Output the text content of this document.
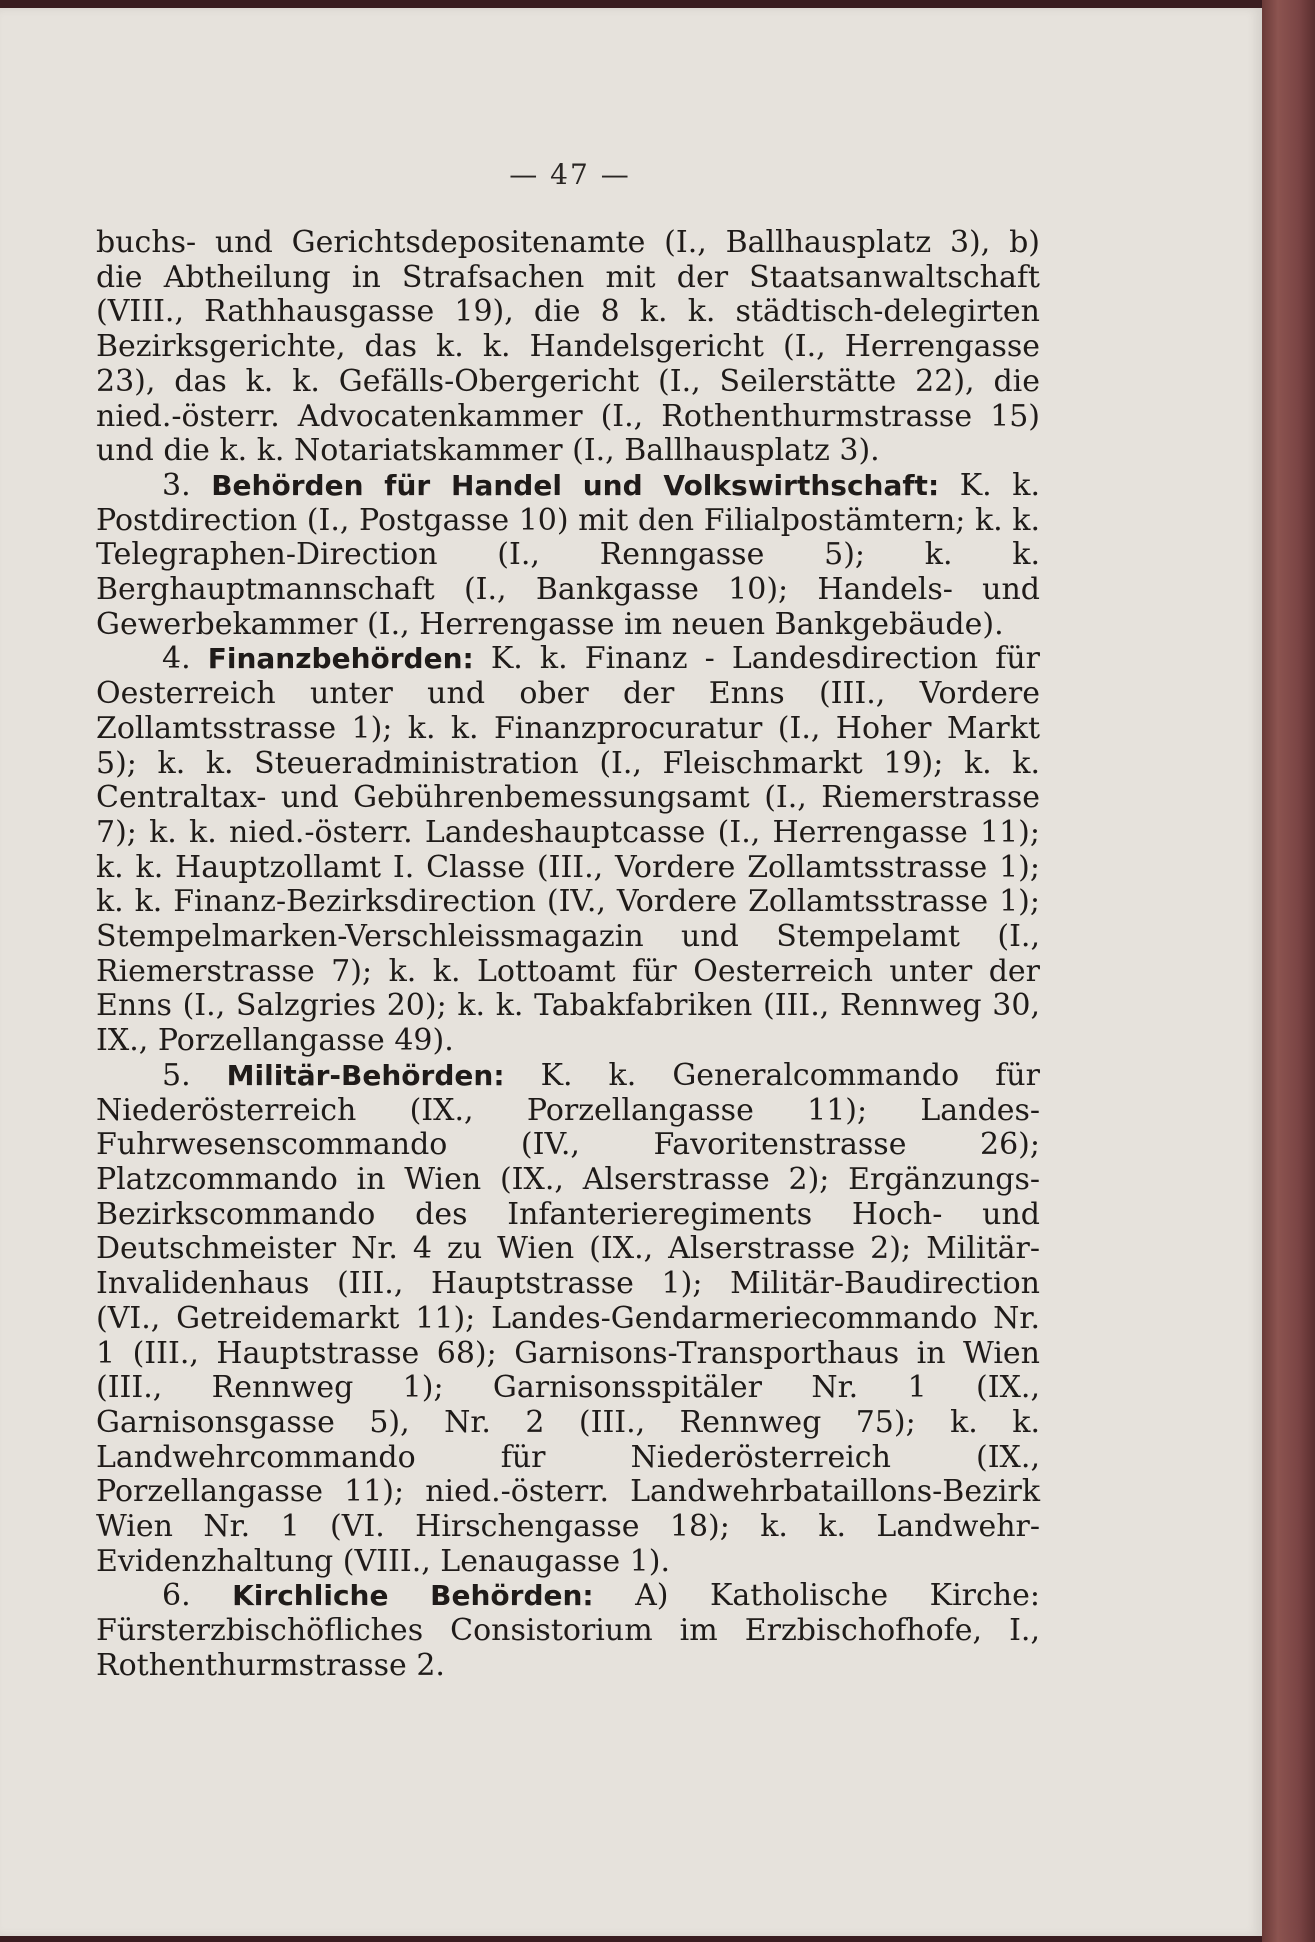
— 47 —

buchs- und Gerichtsdepositenamte (I., Ballhausplatz 3), b) die Abtheilung in Strafsachen mit der Staatsanwaltschaft (VIII., Rathhausgasse 19), die 8 k. k. städtisch-delegirten Bezirksgerichte, das k. k. Handelsgericht (I., Herrengasse 23), das k. k. Gefälls-Obergericht (I., Seilerstätte 22), die nied.-österr. Advocatenkammer (I., Rothenthurmstrasse 15) und die k. k. Notariatskammer (I., Ballhausplatz 3).

3. Behörden für Handel und Volkswirthschaft: K. k. Postdirection (I., Postgasse 10) mit den Filialpostämtern; k. k. Telegraphen-Direction (I., Renngasse 5); k. k. Berghauptmannschaft (I., Bankgasse 10); Handels- und Gewerbekammer (I., Herrengasse im neuen Bankgebäude).

4. Finanzbehörden: K. k. Finanz - Landesdirection für Oesterreich unter und ober der Enns (III., Vordere Zollamtsstrasse 1); k. k. Finanzprocuratur (I., Hoher Markt 5); k. k. Steueradministration (I., Fleischmarkt 19); k. k. Centraltax- und Gebührenbemessungsamt (I., Riemerstrasse 7); k. k. nied.-österr. Landeshauptcasse (I., Herrengasse 11); k. k. Hauptzollamt I. Classe (III., Vordere Zollamtsstrasse 1); k. k. Finanz-Bezirksdirection (IV., Vordere Zollamtsstrasse 1); Stempelmarken-Verschleissmagazin und Stempelamt (I., Riemerstrasse 7); k. k. Lottoamt für Oesterreich unter der Enns (I., Salzgries 20); k. k. Tabakfabriken (III., Rennweg 30, IX., Porzellangasse 49).

5. Militär-Behörden: K. k. Generalcommando für Niederösterreich (IX., Porzellangasse 11); Landes-Fuhrwesenscommando (IV., Favoritenstrasse 26); Platzcommando in Wien (IX., Alserstrasse 2); Ergänzungs-Bezirkscommando des Infanterieregiments Hoch- und Deutschmeister Nr. 4 zu Wien (IX., Alserstrasse 2); Militär-Invalidenhaus (III., Hauptstrasse 1); Militär-Baudirection (VI., Getreidemarkt 11); Landes-Gendarmeriecommando Nr. 1 (III., Hauptstrasse 68); Garnisons-Transporthaus in Wien (III., Rennweg 1); Garnisonsspitäler Nr. 1 (IX., Garnisonsgasse 5), Nr. 2 (III., Rennweg 75); k. k. Landwehrcommando für Niederösterreich (IX., Porzellangasse 11); nied.-österr. Landwehrbataillons-Bezirk Wien Nr. 1 (VI. Hirschengasse 18); k. k. Landwehr-Evidenzhaltung (VIII., Lenaugasse 1).

6. Kirchliche Behörden: A) Katholische Kirche: Fürsterzbischöfliches Consistorium im Erzbischofhofe, I., Rothenthurmstrasse 2.
